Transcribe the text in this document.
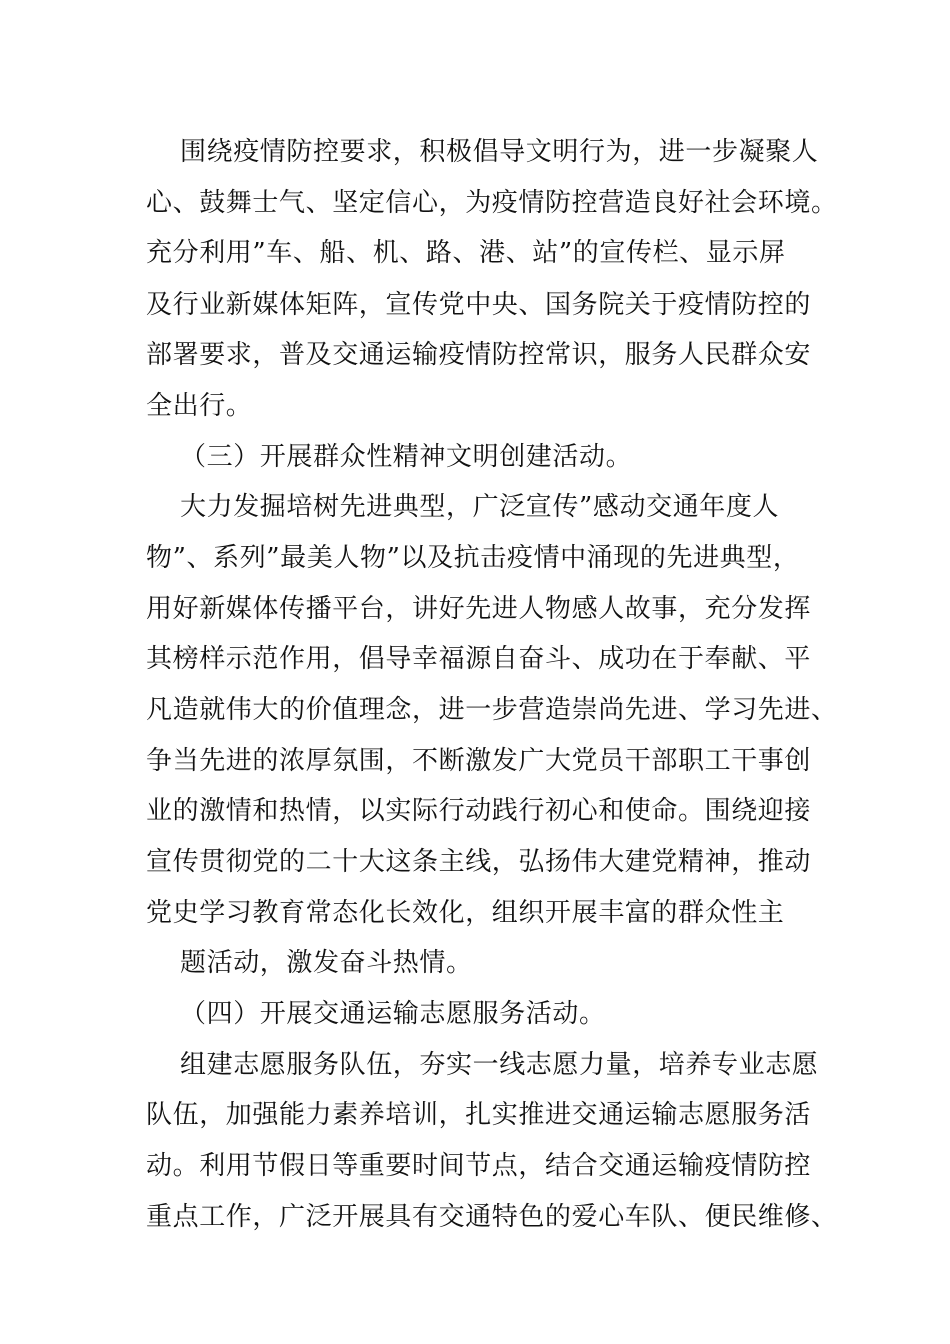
围绕疫情防控要求，积极倡导文明行为，进一步凝聚人
心、鼓舞士气、坚定信心，为疫情防控营造良好社会环境。
充分利用”车、船、机、路、港、站”的宣传栏、显示屏
及行业新媒体矩阵，宣传党中央、国务院关于疫情防控的
部署要求，普及交通运输疫情防控常识，服务人民群众安
全出行。
（三）开展群众性精神文明创建活动。
大力发掘培树先进典型，广泛宣传”感动交通年度人
物”、系列”最美人物”以及抗击疫情中涌现的先进典型，
用好新媒体传播平台，讲好先进人物感人故事，充分发挥
其榜样示范作用，倡导幸福源自奋斗、成功在于奉献、平
凡造就伟大的价值理念，进一步营造崇尚先进、学习先进、
争当先进的浓厚氛围，不断激发广大党员干部职工干事创
业的激情和热情，以实际行动践行初心和使命。围绕迎接
宣传贯彻党的二十大这条主线，弘扬伟大建党精神，推动
党史学习教育常态化长效化，组织开展丰富的群众性主
题活动，激发奋斗热情。
（四）开展交通运输志愿服务活动。
组建志愿服务队伍，夯实一线志愿力量，培养专业志愿
队伍，加强能力素养培训，扎实推进交通运输志愿服务活
动。利用节假日等重要时间节点，结合交通运输疫情防控
重点工作，广泛开展具有交通特色的爱心车队、便民维修、
